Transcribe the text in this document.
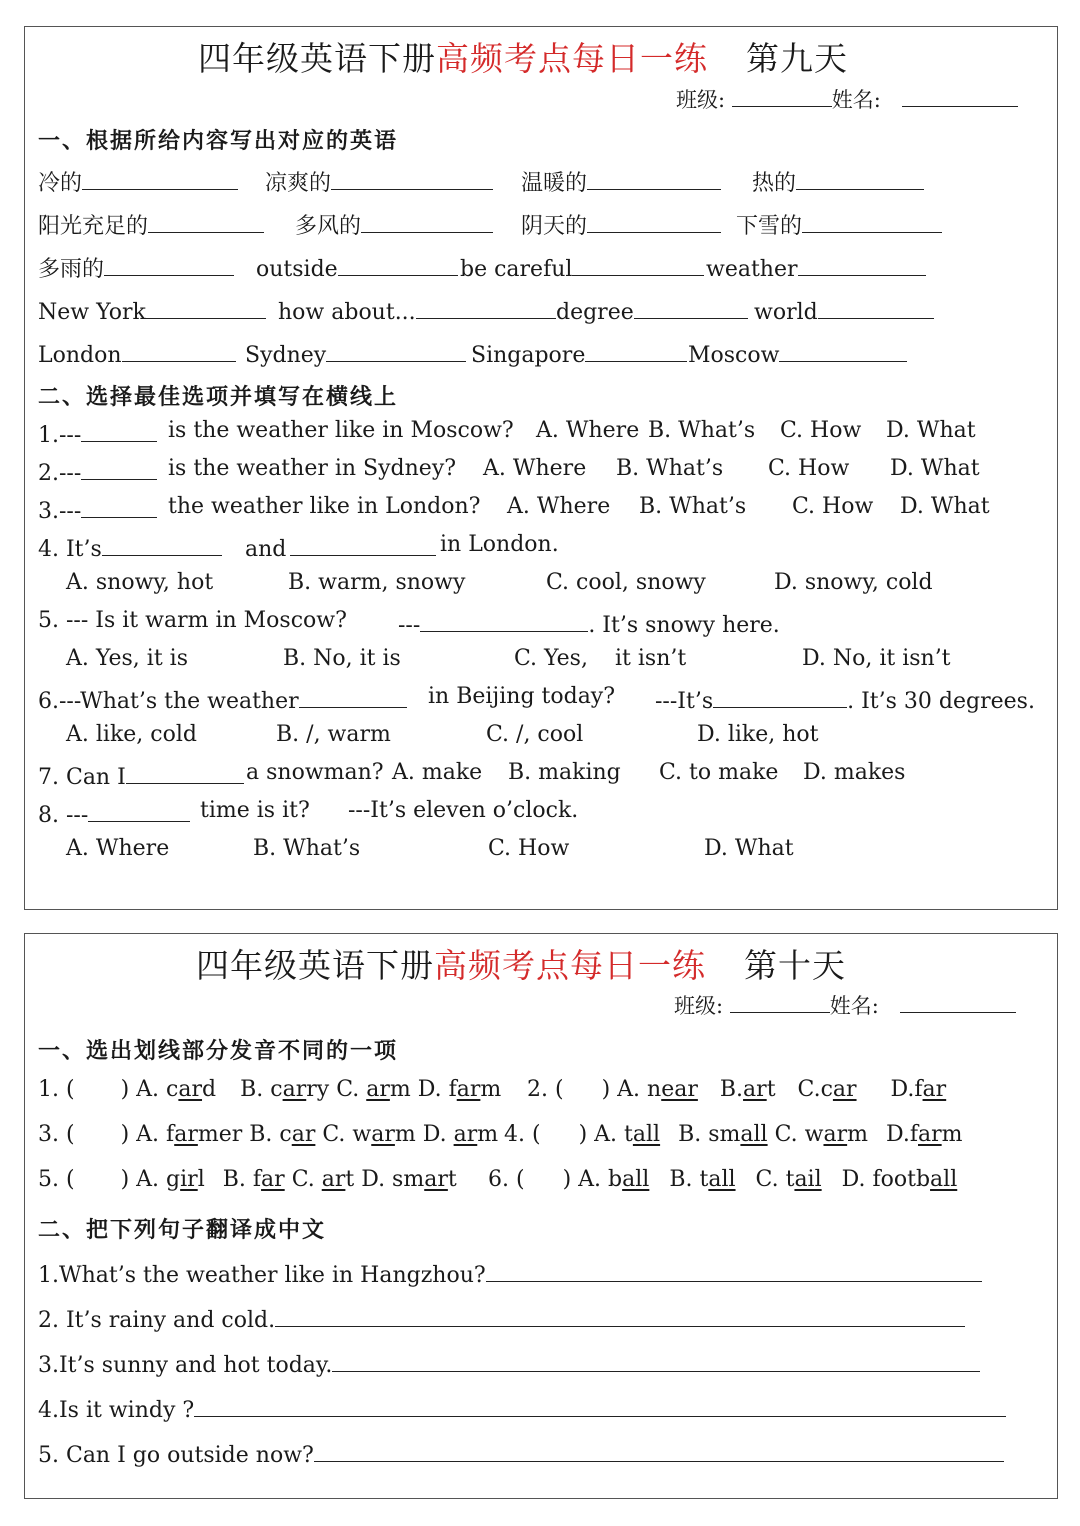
四年级英语下册高频考点每日一练 第九天
班级:	姓名:
一、根据所给内容写出对应的英语
冷的	凉爽的	温暖的	热的
阳光充足的	多风的	阴天的	下雪的
多雨的	outside	be careful	weather
New York	how about...	degree	world
London	Sydney	Singapore	Moscow
二、选择最佳选项并填写在横线上
1.---	is the weather like in Moscow? A. Where B. What’s C. How D. What
2.---	is the weather in Sydney? A. Where B. What’s C. How D. What
3.---	the weather like in London? A. Where B. What’s C. How D. What
4. It’s	and	in London.
A. snowy, hot	B. warm, snowy	C. cool, snowy	D. snowy, cold
5. --- Is it warm in Moscow? ---	. It’s snowy here.
A. Yes, it is	B. No, it is	C. Yes, it isn’t	D. No, it isn’t
6.---What’s the weather	in Beijing today? ---It’s	. It’s 30 degrees.
A. like, cold	B. /, warm	C. /, cool	D. like, hot
7. Can I	a snowman? A. make B. making C. to make D. makes
8. ---	time is it? ---It’s eleven o’clock.
A. Where	B. What’s	C. How	D. What
四年级英语下册高频考点每日一练 第十天
班级:	姓名:
一、选出划线部分发音不同的一项
1. ( ) A. card B. carry C. arm D. farm 2. ( ) A. near B.art C.car D.far
3. ( ) A. farmer B. car C. warm D. arm 4. ( ) A. tall B. small C. warm D.farm
5. ( ) A. girl B. far C. art D. smart 6. ( ) A. ball B. tall C. tail D. football
二、把下列句子翻译成中文
1.What’s the weather like in Hangzhou?
2. It’s rainy and cold.
3.It’s sunny and hot today.
4.Is it windy ?
5. Can I go outside now?
